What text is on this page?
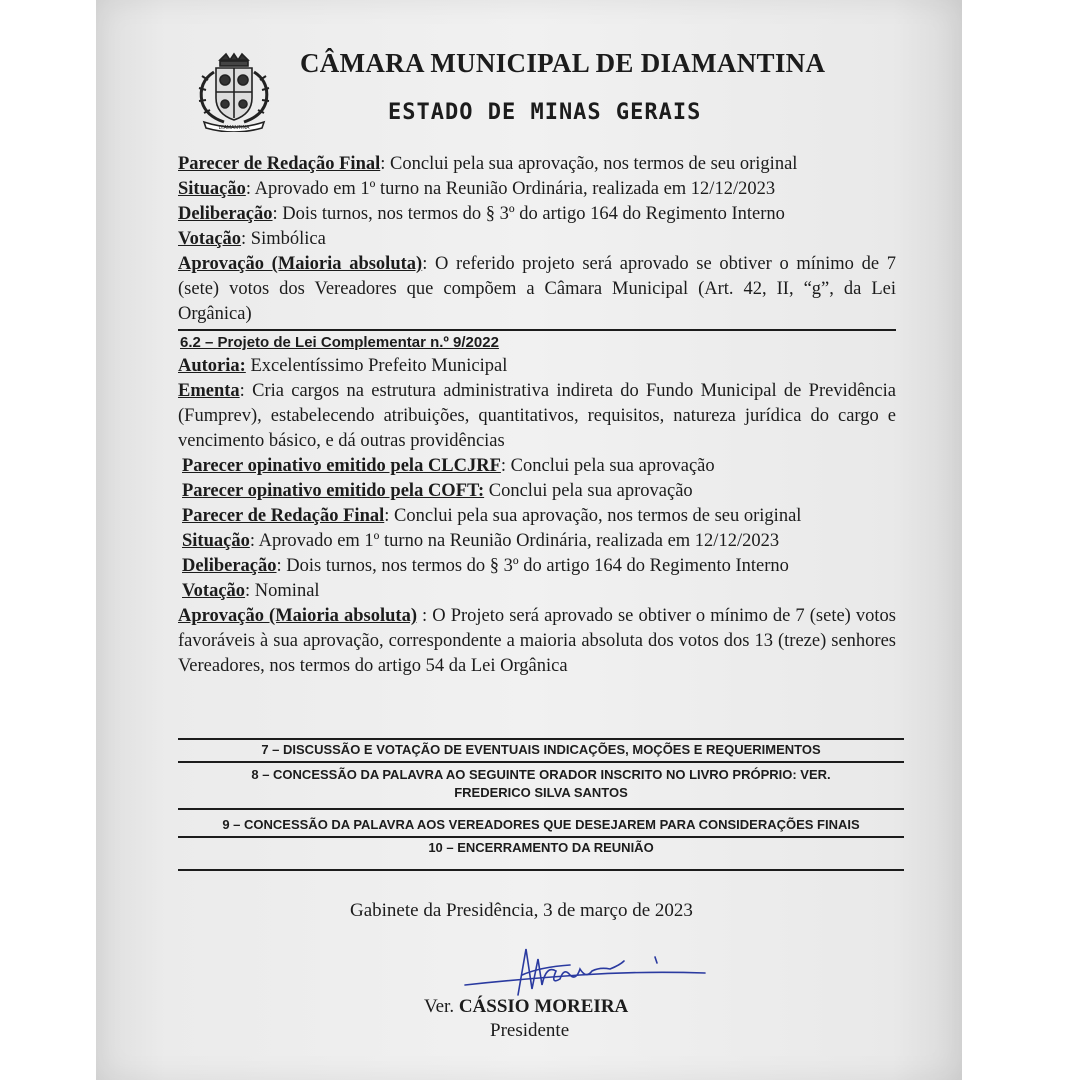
DIAMANTINA
CÂMARA MUNICIPAL DE DIAMANTINA
ESTADO DE MINAS GERAIS

Parecer de Redação Final: Conclui pela sua aprovação, nos termos de seu original

Situação: Aprovado em 1º turno na Reunião Ordinária, realizada em 12/12/2023

Deliberação: Dois turnos, nos termos do § 3º do artigo 164 do Regimento Interno

Votação: Simbólica

Aprovação (Maioria absoluta): O referido projeto será aprovado se obtiver o mínimo de 7 (sete) votos dos Vereadores que compõem a Câmara Municipal (Art. 42, II, “g”, da Lei Orgânica)

6.2 – Projeto de Lei Complementar n.º 9/2022

Autoria: Excelentíssimo Prefeito Municipal

Ementa: Cria cargos na estrutura administrativa indireta do Fundo Municipal de Previdência (Fumprev), estabelecendo atribuições, quantitativos, requisitos, natureza jurídica do cargo e vencimento básico, e dá outras providências

Parecer opinativo emitido pela CLCJRF: Conclui pela sua aprovação

Parecer opinativo emitido pela COFT: Conclui pela sua aprovação

Parecer de Redação Final: Conclui pela sua aprovação, nos termos de seu original

Situação: Aprovado em 1º turno na Reunião Ordinária, realizada em 12/12/2023

Deliberação: Dois turnos, nos termos do § 3º do artigo 164 do Regimento Interno

Votação: Nominal

Aprovação (Maioria absoluta) : O Projeto será aprovado se obtiver o mínimo de 7 (sete) votos favoráveis à sua aprovação, correspondente a maioria absoluta dos votos dos 13 (treze) senhores Vereadores, nos termos do artigo 54 da Lei Orgânica

7 – DISCUSSÃO E VOTAÇÃO DE EVENTUAIS INDICAÇÕES, MOÇÕES E REQUERIMENTOS
8 – CONCESSÃO DA PALAVRA AO SEGUINTE ORADOR INSCRITO NO LIVRO PRÓPRIO: VER. FREDERICO SILVA SANTOS
9 – CONCESSÃO DA PALAVRA AOS VEREADORES QUE DESEJAREM PARA CONSIDERAÇÕES FINAIS
10 – ENCERRAMENTO DA REUNIÃO
Gabinete da Presidência, 3 de março de 2023
Ver. CÁSSIO MOREIRA
Presidente
